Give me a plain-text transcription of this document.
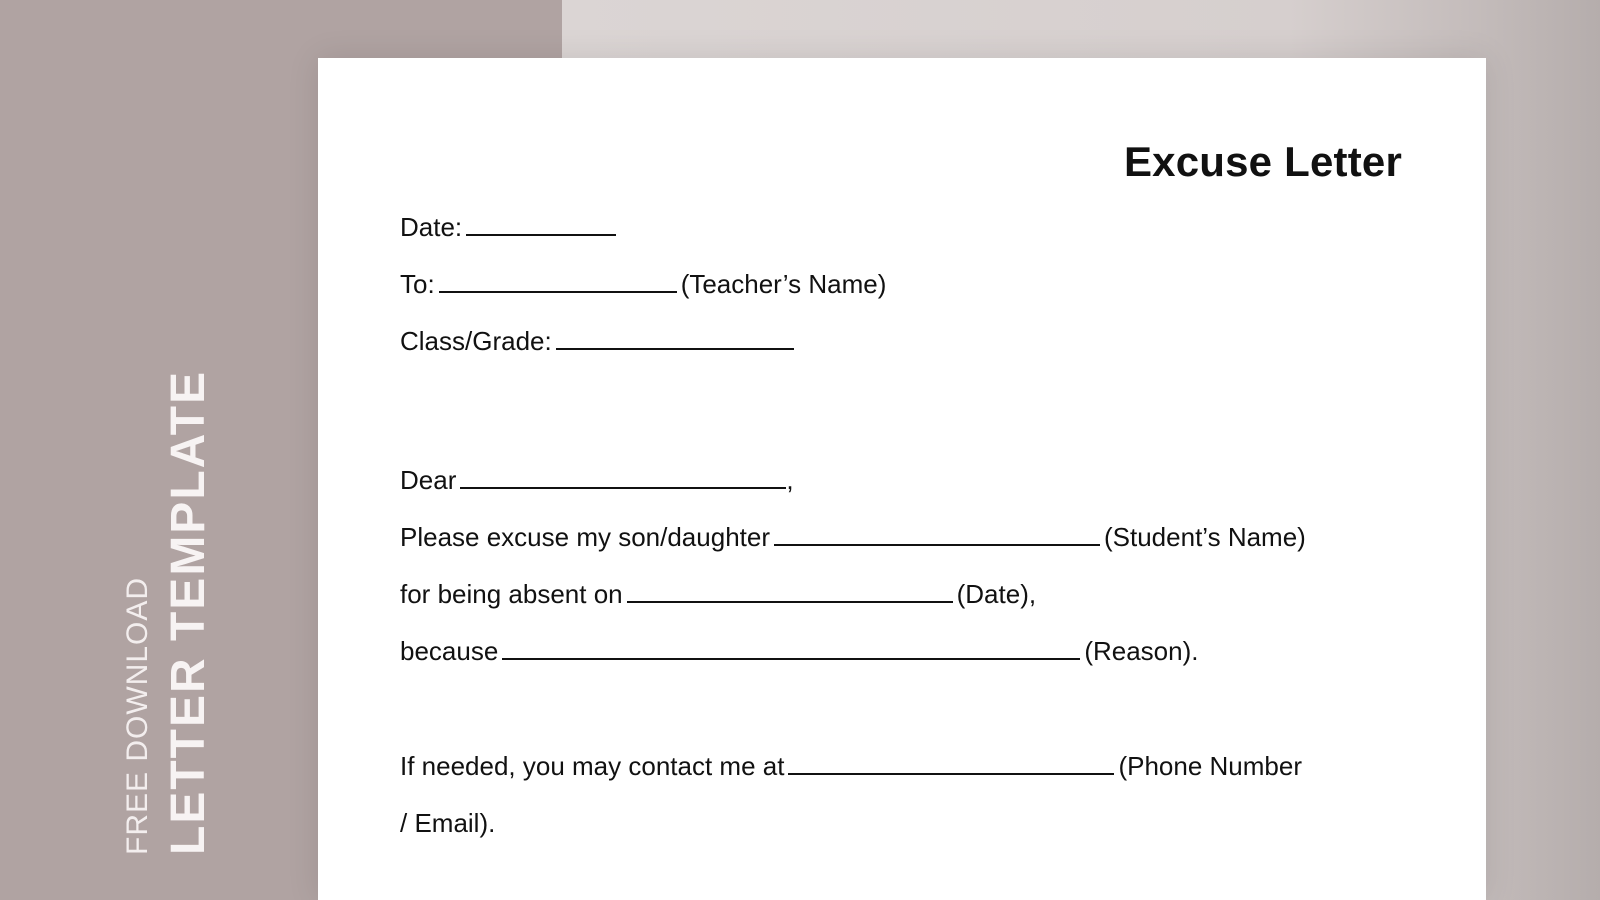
FREE DOWNLOAD LETTER TEMPLATE
Excuse Letter
Date:
To:	(Teacher’s Name)
Class/Grade:
Dear	,
Please excuse my son/daughter	(Student’s Name)
for being absent on	(Date),
because	(Reason).
If needed, you may contact me at	(Phone Number
/ Email).
